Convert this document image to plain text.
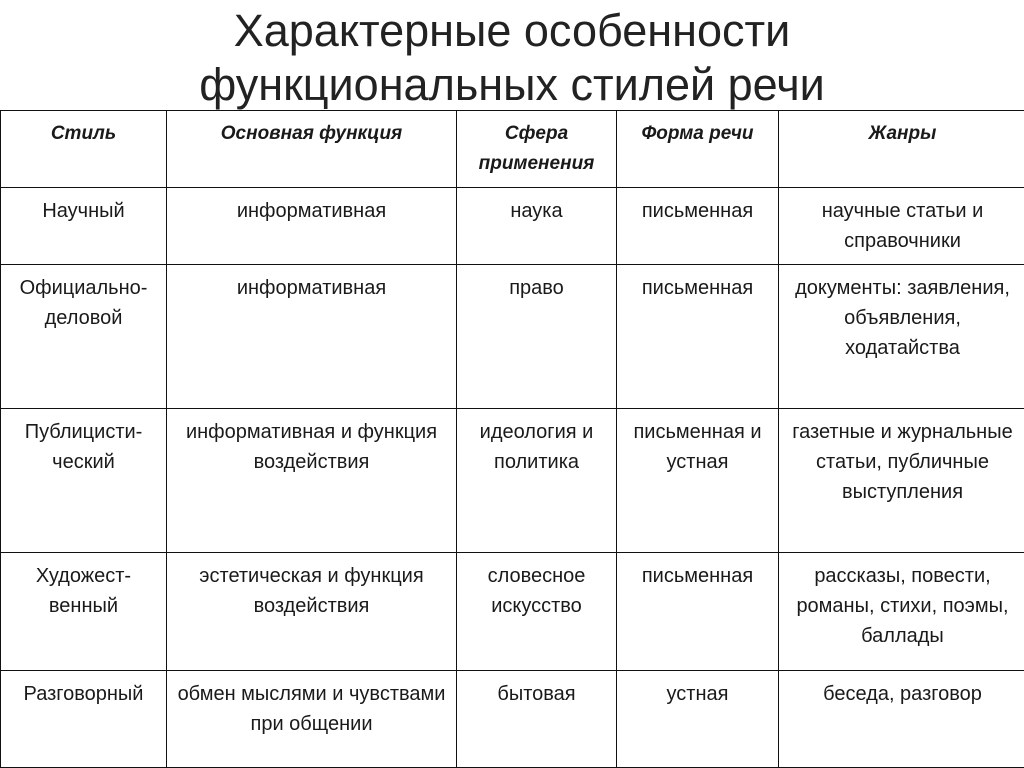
Характерные особенности
функциональных стилей речи
Стиль	Основная функция	Сфера применения	Форма речи	Жанры
Научный	информативная	наука	письменная	научные статьи и справочники
Официально-деловой	информативная	право	письменная	документы: заявления, объявления, ходатайства
Публицисти-ческий	информативная и функция воздействия	идеология и политика	письменная и устная	газетные и журнальные статьи, публичные выступления
Художест-венный	эстетическая и функция воздействия	словесное искусство	письменная	рассказы, повести, романы, стихи, поэмы, баллады
Разговорный	обмен мыслями и чувствами при общении	бытовая	устная	беседа, разговор
